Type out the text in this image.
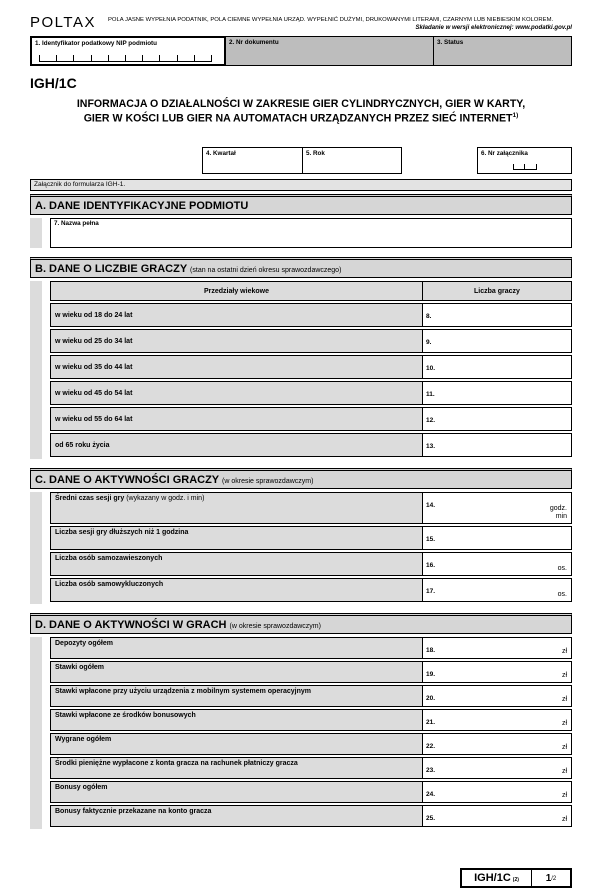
POLTAX POLA JASNE WYPEŁNIA PODATNIK, POLA CIEMNE WYPEŁNIA URZĄD. WYPEŁNIĆ DUŻYMI, DRUKOWANYMI LITERAMI, CZARNYM LUB NIEBIESKIM KOLOREM.
Składanie w wersji elektronicznej: www.podatki.gov.pl
1. Identyfikator podatkowy NIP podmiotu	2. Nr dokumentu	3. Status
IGH/1C
INFORMACJA O DZIAŁALNOŚCI W ZAKRESIE GIER CYLINDRYCZNYCH, GIER W KARTY,
GIER W KOŚCI LUB GIER NA AUTOMATACH URZĄDZANYCH PRZEZ SIEĆ INTERNET$^{1)}$
4. Kwartał	5. Rok	6. Nr załącznika
Załącznik do formularza IGH-1.
A. DANE IDENTYFIKACYJNE PODMIOTU
7. Nazwa pełna
B. DANE O LICZBIE GRACZY (stan na ostatni dzień okresu sprawozdawczego)
Przedziały wiekowe	Liczba graczy
w wieku od 18 do 24 lat	8.
w wieku od 25 do 34 lat	9.
w wieku od 35 do 44 lat	10.
w wieku od 45 do 54 lat	11.
w wieku od 55 do 64 lat	12.
od 65 roku życia	13.
C. DANE O AKTYWNOŚCI GRACZY (w okresie sprawozdawczym)
Średni czas sesji gry (wykazany w godz. i min)
14.	godz.
min
Liczba sesji gry dłuższych niż 1 godzina
15.
Liczba osób samozawieszonych
16.	os.
Liczba osób samowykluczonych
17.	os.
D. DANE O AKTYWNOŚCI W GRACH (w okresie sprawozdawczym)
Depozyty ogółem
18.	zł
Stawki ogółem
19.	zł
Stawki wpłacone przy użyciu urządzenia z mobilnym systemem operacyjnym
20.	zł
Stawki wpłacone ze środków bonusowych
21.	zł
Wygrane ogółem
22.	zł
Środki pieniężne wypłacone z konta gracza na rachunek płatniczy gracza
23.	zł
Bonusy ogółem
24.	zł
Bonusy faktycznie przekazane na konto gracza
25.	zł
IGH/1C (2)	1 /2
